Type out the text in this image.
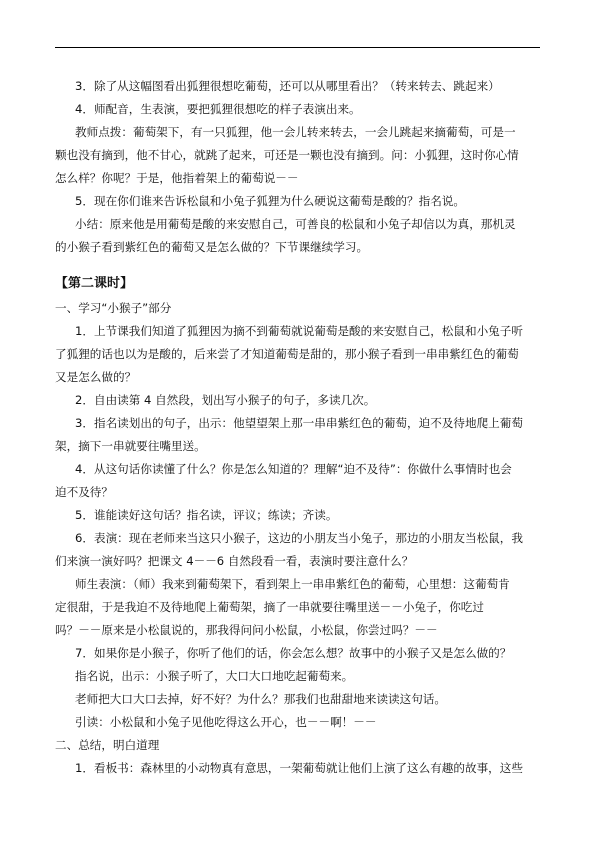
3．除了从这幅图看出狐狸很想吃葡萄，还可以从哪里看出？（转来转去、跳起来）
4．师配音，生表演，要把狐狸很想吃的样子表演出来。
教师点拨：葡萄架下，有一只狐狸，他一会儿转来转去，一会儿跳起来摘葡萄，可是一
颗也没有摘到，他不甘心，就跳了起来，可还是一颗也没有摘到。问：小狐狸，这时你心情
怎么样？你呢？于是，他指着架上的葡萄说－－
5．现在你们谁来告诉松鼠和小兔子狐狸为什么硬说这葡萄是酸的？指名说。
小结：原来他是用葡萄是酸的来安慰自己，可善良的松鼠和小兔子却信以为真，那机灵
的小猴子看到紫红色的葡萄又是怎么做的？下节课继续学习。
【第二课时】
一、学习“小猴子”部分
1．上节课我们知道了狐狸因为摘不到葡萄就说葡萄是酸的来安慰自己，松鼠和小兔子听
了狐狸的话也以为是酸的，后来尝了才知道葡萄是甜的，那小猴子看到一串串紫红色的葡萄
又是怎么做的？
2．自由读第 4 自然段，划出写小猴子的句子，多读几次。
3．指名读划出的句子，出示：他望望架上那一串串紫红色的葡萄，迫不及待地爬上葡萄
架，摘下一串就要往嘴里送。
4．从这句话你读懂了什么？你是怎么知道的？理解“迫不及待”：你做什么事情时也会
迫不及待？
5．谁能读好这句话？指名读，评议；练读；齐读。
6．表演：现在老师来当这只小猴子，这边的小朋友当小兔子，那边的小朋友当松鼠，我
们来演一演好吗？把课文 4－－6 自然段看一看，表演时要注意什么？
师生表演：（师）我来到葡萄架下，看到架上一串串紫红色的葡萄，心里想：这葡萄肯
定很甜，于是我迫不及待地爬上葡萄架，摘了一串就要往嘴里送－－小兔子，你吃过
吗？－－原来是小松鼠说的，那我得问问小松鼠，小松鼠，你尝过吗？－－
7．如果你是小猴子，你听了他们的话，你会怎么想？故事中的小猴子又是怎么做的？
指名说，出示：小猴子听了，大口大口地吃起葡萄来。
老师把大口大口去掉，好不好？为什么？那我们也甜甜地来读读这句话。
引读：小松鼠和小兔子见他吃得这么开心，也－－啊！－－
二、总结，明白道理
1．看板书：森林里的小动物真有意思，一架葡萄就让他们上演了这么有趣的故事，这些
